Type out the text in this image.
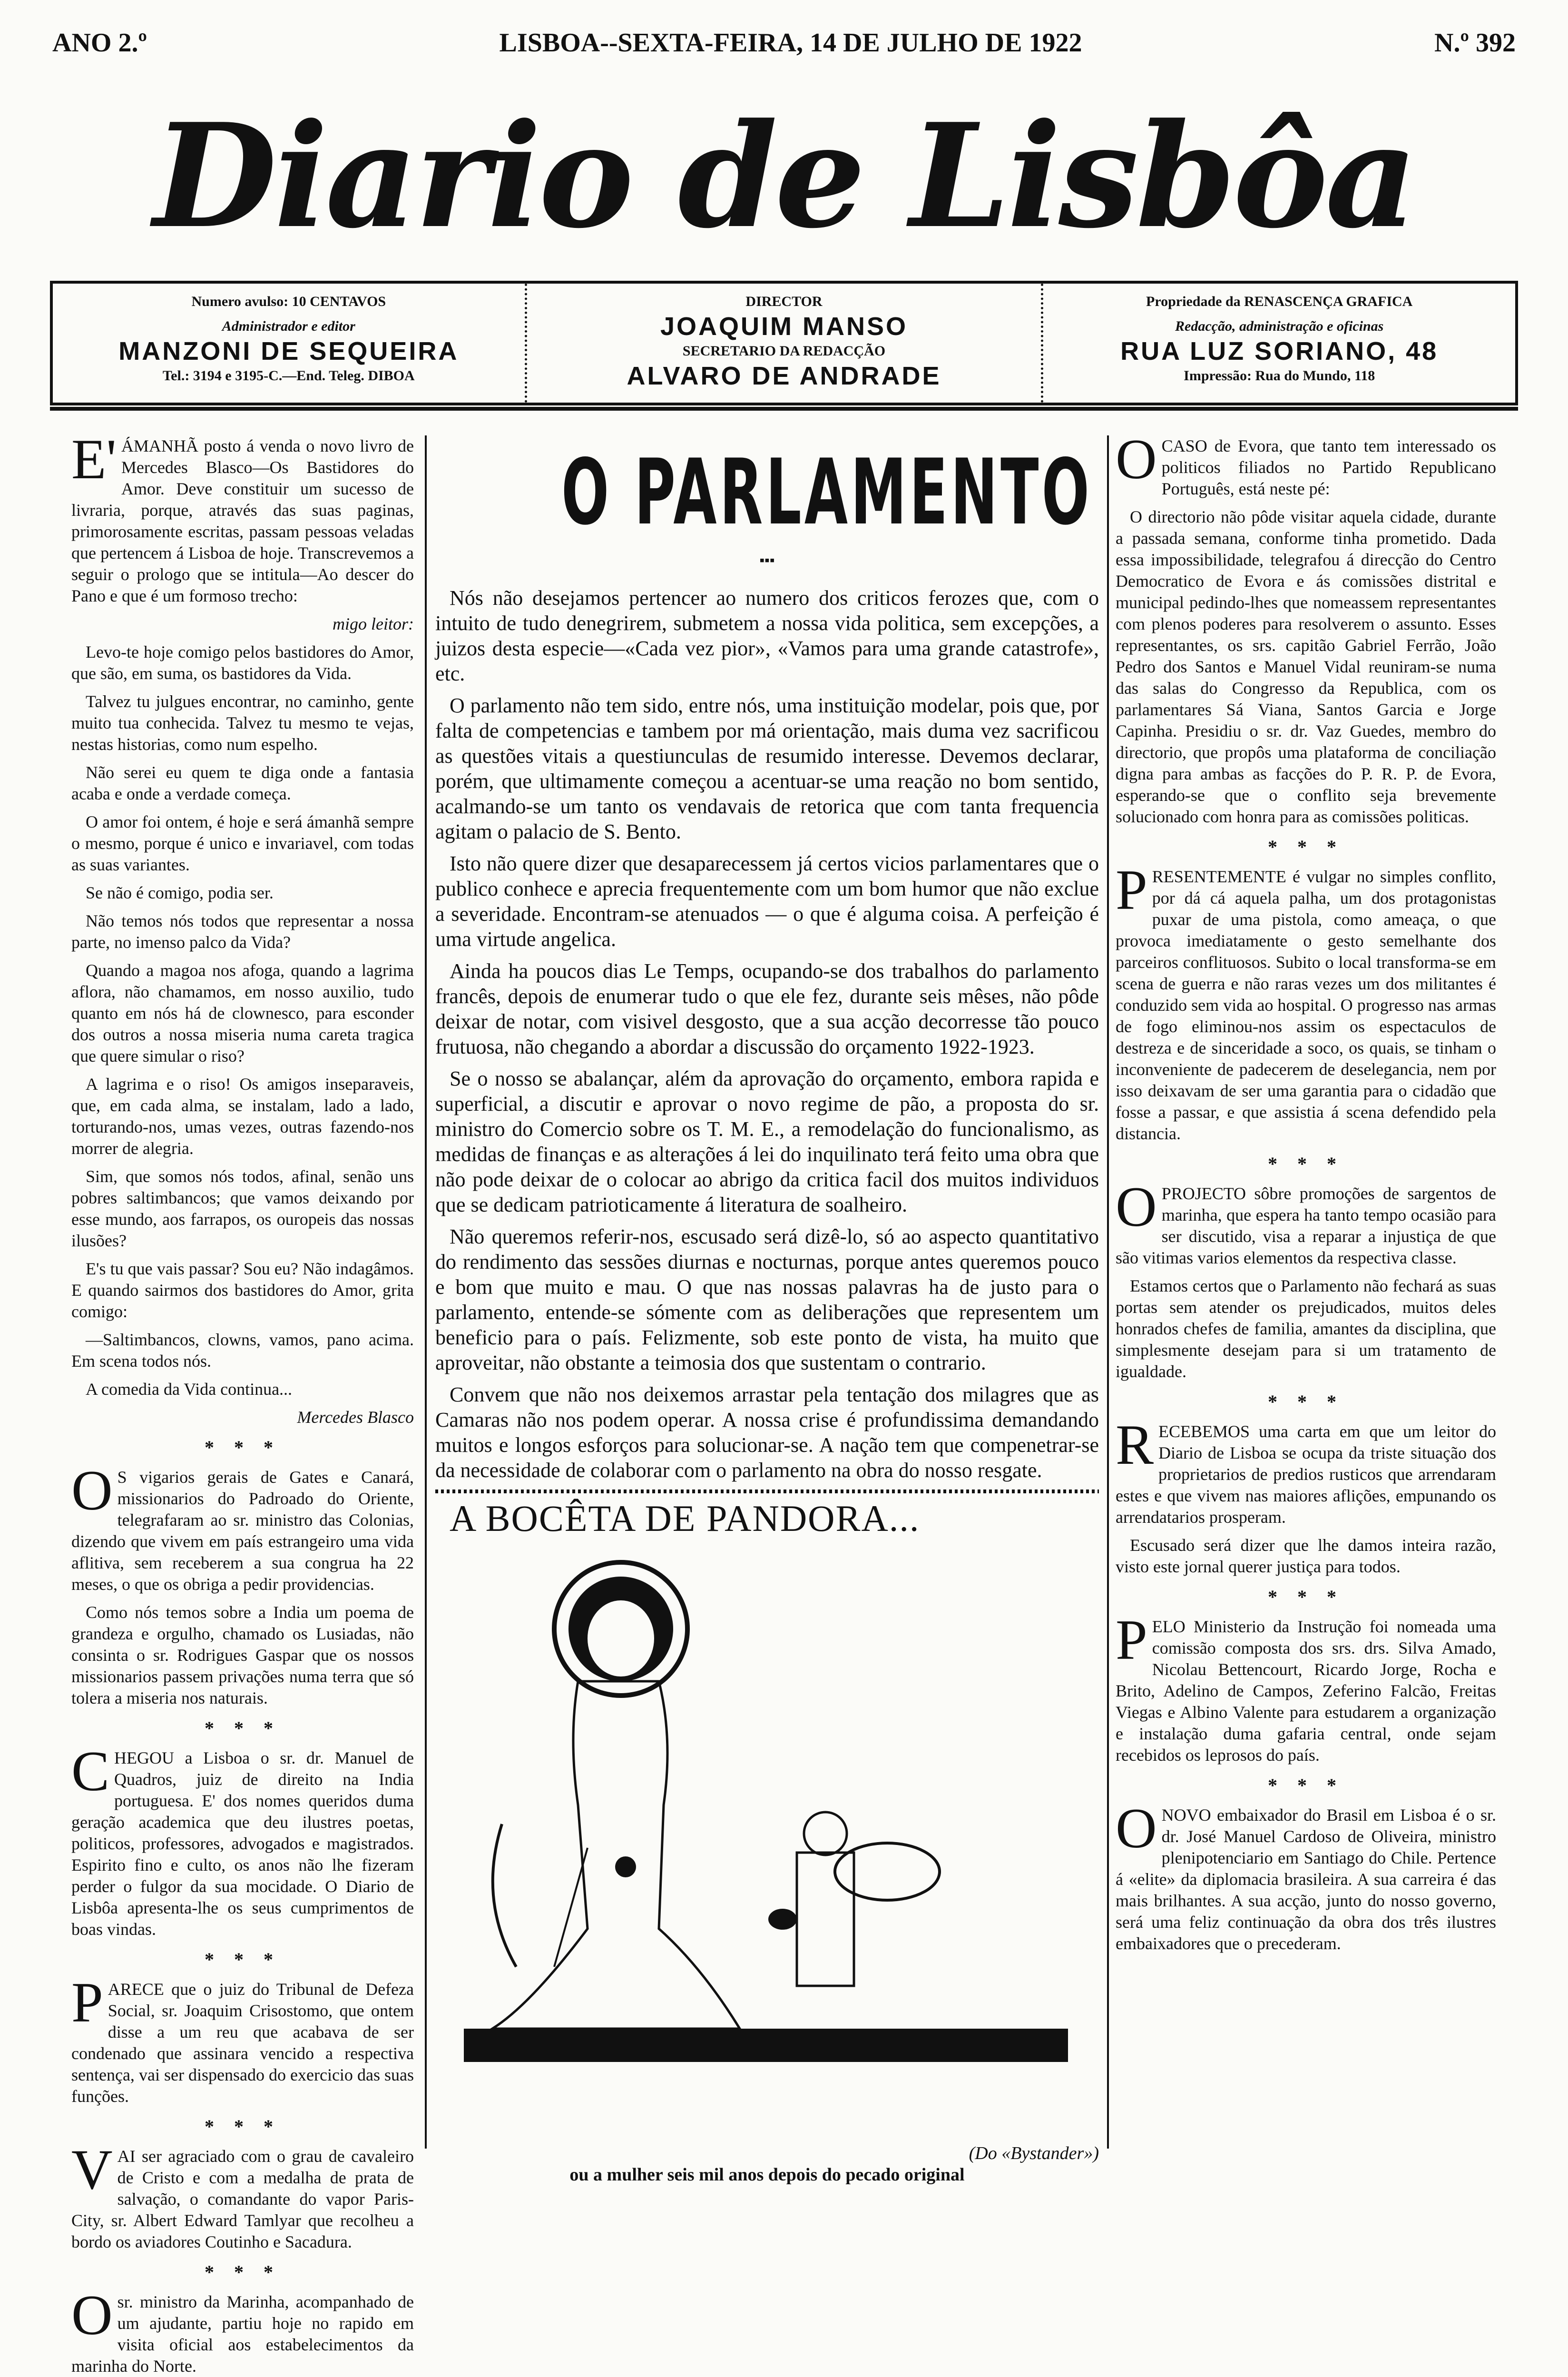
ANO 2.º	LISBOA--SEXTA-FEIRA, 14 DE JULHO DE 1922	N.º 392
Diario de Lisbôa
Numero avulso: 10 CENTAVOS
Administrador e editor
MANZONI DE SEQUEIRA
Tel.: 3194 e 3195-C.—End. Teleg. DIBOA
DIRECTOR
JOAQUIM MANSO
SECRETARIO DA REDACÇÃO
ALVARO DE ANDRADE
Propriedade da RENASCENÇA GRAFICA
Redacção, administração e oficinas
RUA LUZ SORIANO, 48
Impressão: Rua do Mundo, 118

E' ÁMANHÃ posto á venda o novo livro de Mercedes Blasco—Os Bastidores do Amor. Deve constituir um sucesso de livraria, porque, através das suas paginas, primorosamente escritas, passam pessoas veladas que pertencem á Lisboa de hoje. Transcrevemos a seguir o prologo que se intitula—Ao descer do Pano e que é um formoso trecho:

migo leitor:

Levo-te hoje comigo pelos bastidores do Amor, que são, em suma, os bastidores da Vida.

Talvez tu julgues encontrar, no caminho, gente muito tua conhecida. Talvez tu mesmo te vejas, nestas historias, como num espelho.

Não serei eu quem te diga onde a fantasia acaba e onde a verdade começa.

O amor foi ontem, é hoje e será ámanhã sempre o mesmo, porque é unico e invariavel, com todas as suas variantes.

Se não é comigo, podia ser.

Não temos nós todos que representar a nossa parte, no imenso palco da Vida?

Quando a magoa nos afoga, quando a lagrima aflora, não chamamos, em nosso auxilio, tudo quanto em nós há de clownesco, para esconder dos outros a nossa miseria numa careta tragica que quere simular o riso?

A lagrima e o riso! Os amigos inseparaveis, que, em cada alma, se instalam, lado a lado, torturando-nos, umas vezes, outras fazendo-nos morrer de alegria.

Sim, que somos nós todos, afinal, senão uns pobres saltimbancos; que vamos deixando por esse mundo, aos farrapos, os ouropeis das nossas ilusões?

E's tu que vais passar? Sou eu? Não indagâmos. E quando sairmos dos bastidores do Amor, grita comigo:

—Saltimbancos, clowns, vamos, pano acima. Em scena todos nós.

A comedia da Vida continua...

Mercedes Blasco

* * *

O S vigarios gerais de Gates e Canará, missionarios do Padroado do Oriente, telegrafaram ao sr. ministro das Colonias, dizendo que vivem em país estrangeiro uma vida aflitiva, sem receberem a sua congrua ha 22 meses, o que os obriga a pedir providencias.

Como nós temos sobre a India um poema de grandeza e orgulho, chamado os Lusiadas, não consinta o sr. Rodrigues Gaspar que os nossos missionarios passem privações numa terra que só tolera a miseria nos naturais.

* * *

CHEGOU a Lisboa o sr. dr. Manuel de Quadros, juiz de direito na India portuguesa. E' dos nomes queridos duma geração academica que deu ilustres poetas, politicos, professores, advogados e magistrados. Espirito fino e culto, os anos não lhe fizeram perder o fulgor da sua mocidade. O Diario de Lisbôa apresenta-lhe os seus cumprimentos de boas vindas.

* * *

PARECE que o juiz do Tribunal de Defeza Social, sr. Joaquim Crisostomo, que ontem disse a um reu que acabava de ser condenado que assinara vencido a respectiva sentença, vai ser dispensado do exercicio das suas funções.

* * *

VAI ser agraciado com o grau de cavaleiro de Cristo e com a medalha de prata de salvação, o comandante do vapor Paris-City, sr. Albert Edward Tamlyar que recolheu a bordo os aviadores Coutinho e Sacadura.

* * *

Osr. ministro da Marinha, acompanhado de um ajudante, partiu hoje no rapido em visita oficial aos estabelecimentos da marinha do Norte.

O PARLAMENTO
▪▪▪

Nós não desejamos pertencer ao numero dos criticos ferozes que, com o intuito de tudo denegrirem, submetem a nossa vida politica, sem excepções, a juizos desta especie—«Cada vez pior», «Vamos para uma grande catastrofe», etc.

O parlamento não tem sido, entre nós, uma instituição modelar, pois que, por falta de competencias e tambem por má orientação, mais duma vez sacrificou as questões vitais a questiunculas de resumido interesse. Devemos declarar, porém, que ultimamente começou a acentuar-se uma reação no bom sentido, acalmando-se um tanto os vendavais de retorica que com tanta frequencia agitam o palacio de S. Bento.

Isto não quere dizer que desaparecessem já certos vicios parlamentares que o publico conhece e aprecia frequentemente com um bom humor que não exclue a severidade. Encontram-se atenuados — o que é alguma coisa. A perfeição é uma virtude angelica.

Ainda ha poucos dias Le Temps, ocupando-se dos trabalhos do parlamento francês, depois de enumerar tudo o que ele fez, durante seis mêses, não pôde deixar de notar, com visivel desgosto, que a sua acção decorresse tão pouco frutuosa, não chegando a abordar a discussão do orçamento 1922-1923.

Se o nosso se abalançar, além da aprovação do orçamento, embora rapida e superficial, a discutir e aprovar o novo regime de pão, a proposta do sr. ministro do Comercio sobre os T. M. E., a remodelação do funcionalismo, as medidas de finanças e as alterações á lei do inquilinato terá feito uma obra que não pode deixar de o colocar ao abrigo da critica facil dos muitos individuos que se dedicam patrioticamente á literatura de soalheiro.

Não queremos referir-nos, escusado será dizê-lo, só ao aspecto quantitativo do rendimento das sessões diurnas e nocturnas, porque antes queremos pouco e bom que muito e mau. O que nas nossas palavras ha de justo para o parlamento, entende-se sómente com as deliberações que representem um beneficio para o país. Felizmente, sob este ponto de vista, ha muito que aproveitar, não obstante a teimosia dos que sustentam o contrario.

Convem que não nos deixemos arrastar pela tentação dos milagres que as Camaras não nos podem operar. A nossa crise é profundissima demandando muitos e longos esforços para solucionar-se. A nação tem que compenetrar-se da necessidade de colaborar com o parlamento na obra do nosso resgate.

A BOCÊTA DE PANDORA...
(Do «Bystander»)
ou a mulher seis mil anos depois do pecado original

OCASO de Evora, que tanto tem interessado os politicos filiados no Partido Republicano Português, está neste pé:

O directorio não pôde visitar aquela cidade, durante a passada semana, conforme tinha prometido. Dada essa impossibilidade, telegrafou á direcção do Centro Democratico de Evora e ás comissões distrital e municipal pedindo-lhes que nomeassem representantes com plenos poderes para resolverem o assunto. Esses representantes, os srs. capitão Gabriel Ferrão, João Pedro dos Santos e Manuel Vidal reuniram-se numa das salas do Congresso da Republica, com os parlamentares Sá Viana, Santos Garcia e Jorge Capinha. Presidiu o sr. dr. Vaz Guedes, membro do directorio, que propôs uma plataforma de conciliação digna para ambas as facções do P. R. P. de Evora, esperando-se que o conflito seja brevemente solucionado com honra para as comissões politicas.

* * *

PRESENTEMENTE é vulgar no simples conflito, por dá cá aquela palha, um dos protagonistas puxar de uma pistola, como ameaça, o que provoca imediatamente o gesto semelhante dos parceiros conflituosos. Subito o local transforma-se em scena de guerra e não raras vezes um dos militantes é conduzido sem vida ao hospital. O progresso nas armas de fogo eliminou-nos assim os espectaculos de destreza e de sinceridade a soco, os quais, se tinham o inconveniente de padecerem de deselegancia, nem por isso deixavam de ser uma garantia para o cidadão que fosse a passar, e que assistia á scena defendido pela distancia.

* * *

OPROJECTO sôbre promoções de sargentos de marinha, que espera ha tanto tempo ocasião para ser discutido, visa a reparar a injustiça de que são vitimas varios elementos da respectiva classe.

Estamos certos que o Parlamento não fechará as suas portas sem atender os prejudicados, muitos deles honrados chefes de familia, amantes da disciplina, que simplesmente desejam para si um tratamento de igualdade.

* * *

RECEBEMOS uma carta em que um leitor do Diario de Lisboa se ocupa da triste situação dos proprietarios de predios rusticos que arrendaram estes e que vivem nas maiores aflições, empunando os arrendatarios prosperam.

Escusado será dizer que lhe damos inteira razão, visto este jornal querer justiça para todos.

* * *

PELO Ministerio da Instrução foi nomeada uma comissão composta dos srs. drs. Silva Amado, Nicolau Bettencourt, Ricardo Jorge, Rocha e Brito, Adelino de Campos, Zeferino Falcão, Freitas Viegas e Albino Valente para estudarem a organização e instalação duma gafaria central, onde sejam recebidos os leprosos do país.

* * *

ONOVO embaixador do Brasil em Lisboa é o sr. dr. José Manuel Cardoso de Oliveira, ministro plenipotenciario em Santiago do Chile. Pertence á «elite» da diplomacia brasileira. A sua carreira é das mais brilhantes. A sua acção, junto do nosso governo, será uma feliz continuação da obra dos três ilustres embaixadores que o precederam.
